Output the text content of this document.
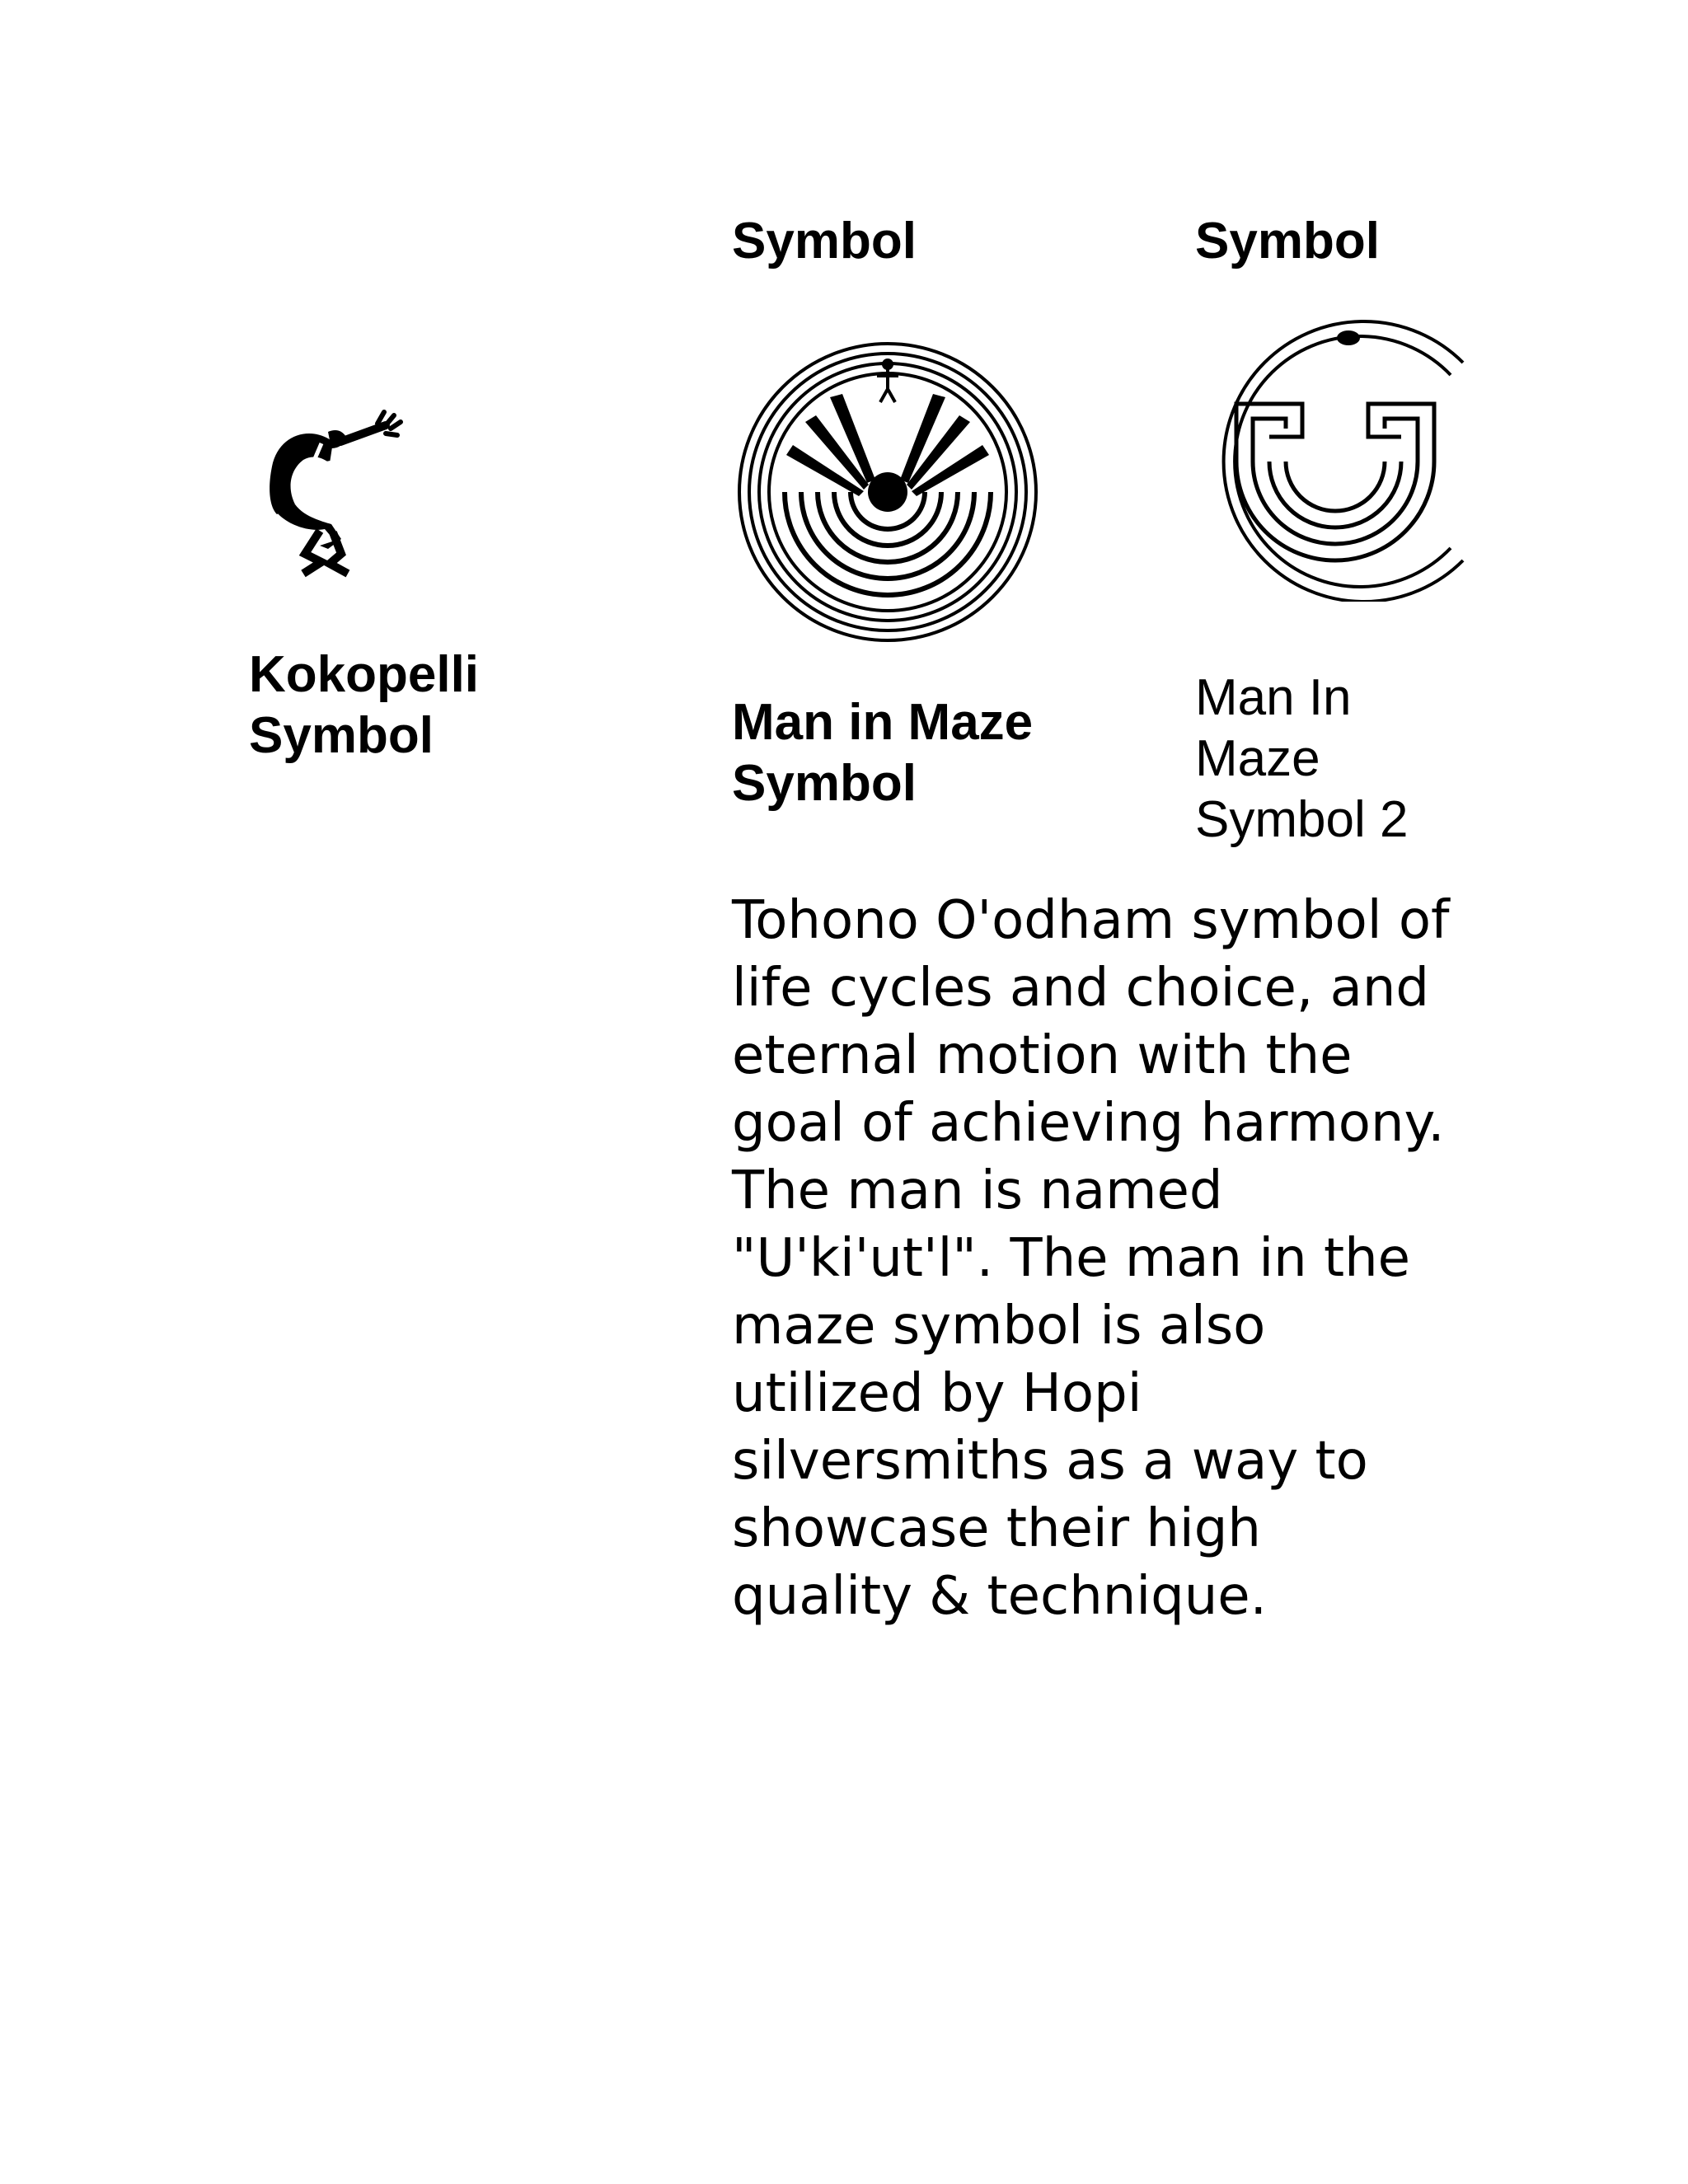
Symbol	Symbol
Kokopelli Symbol	Man in Maze Symbol
Man In Maze Symbol 2
Tohono O'odham symbol of life cycles and choice, and eternal motion with the goal of achieving harmony. The man is named "U'ki'ut'l". The man in the maze symbol is also utilized by Hopi silversmiths as a way to showcase their high quality & technique.
